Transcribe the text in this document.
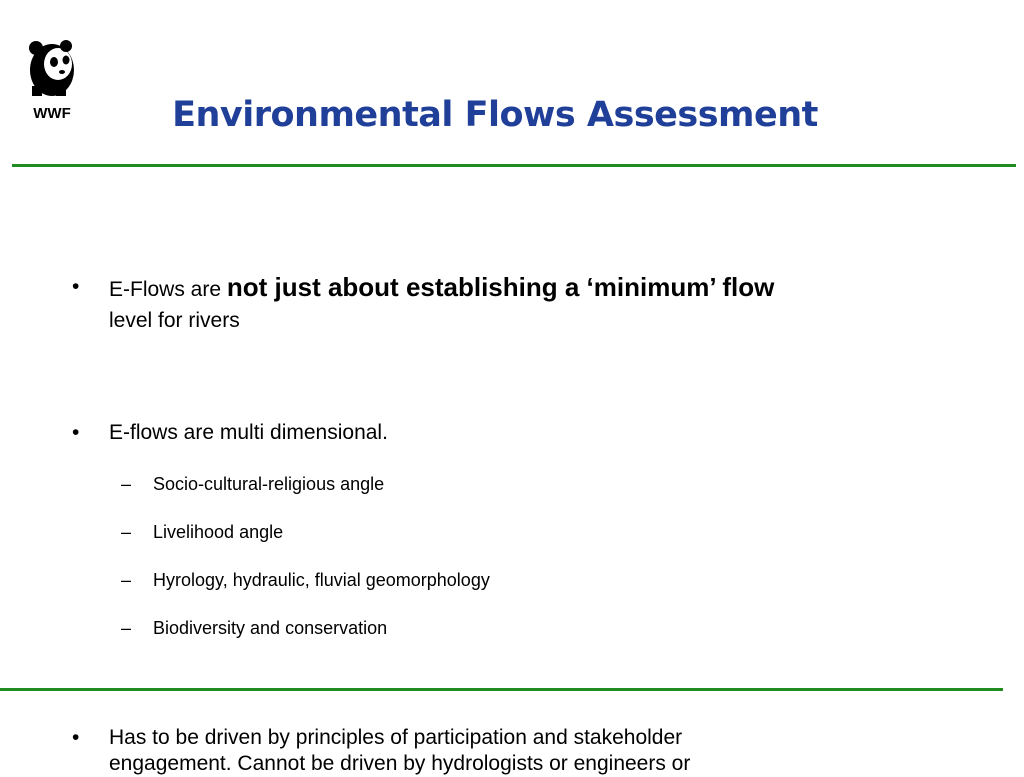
WWF	Environmental Flows Assessment
• E-Flows are not just about establishing a ‘minimum’ flow
level for rivers
• E-flows are multi dimensional.
– Socio-cultural-religious angle
– Livelihood angle
– Hyrology, hydraulic, fluvial geomorphology
– Biodiversity and conservation
• Has to be driven by principles of participation and stakeholder
engagement. Cannot be driven by hydrologists or engineers or
